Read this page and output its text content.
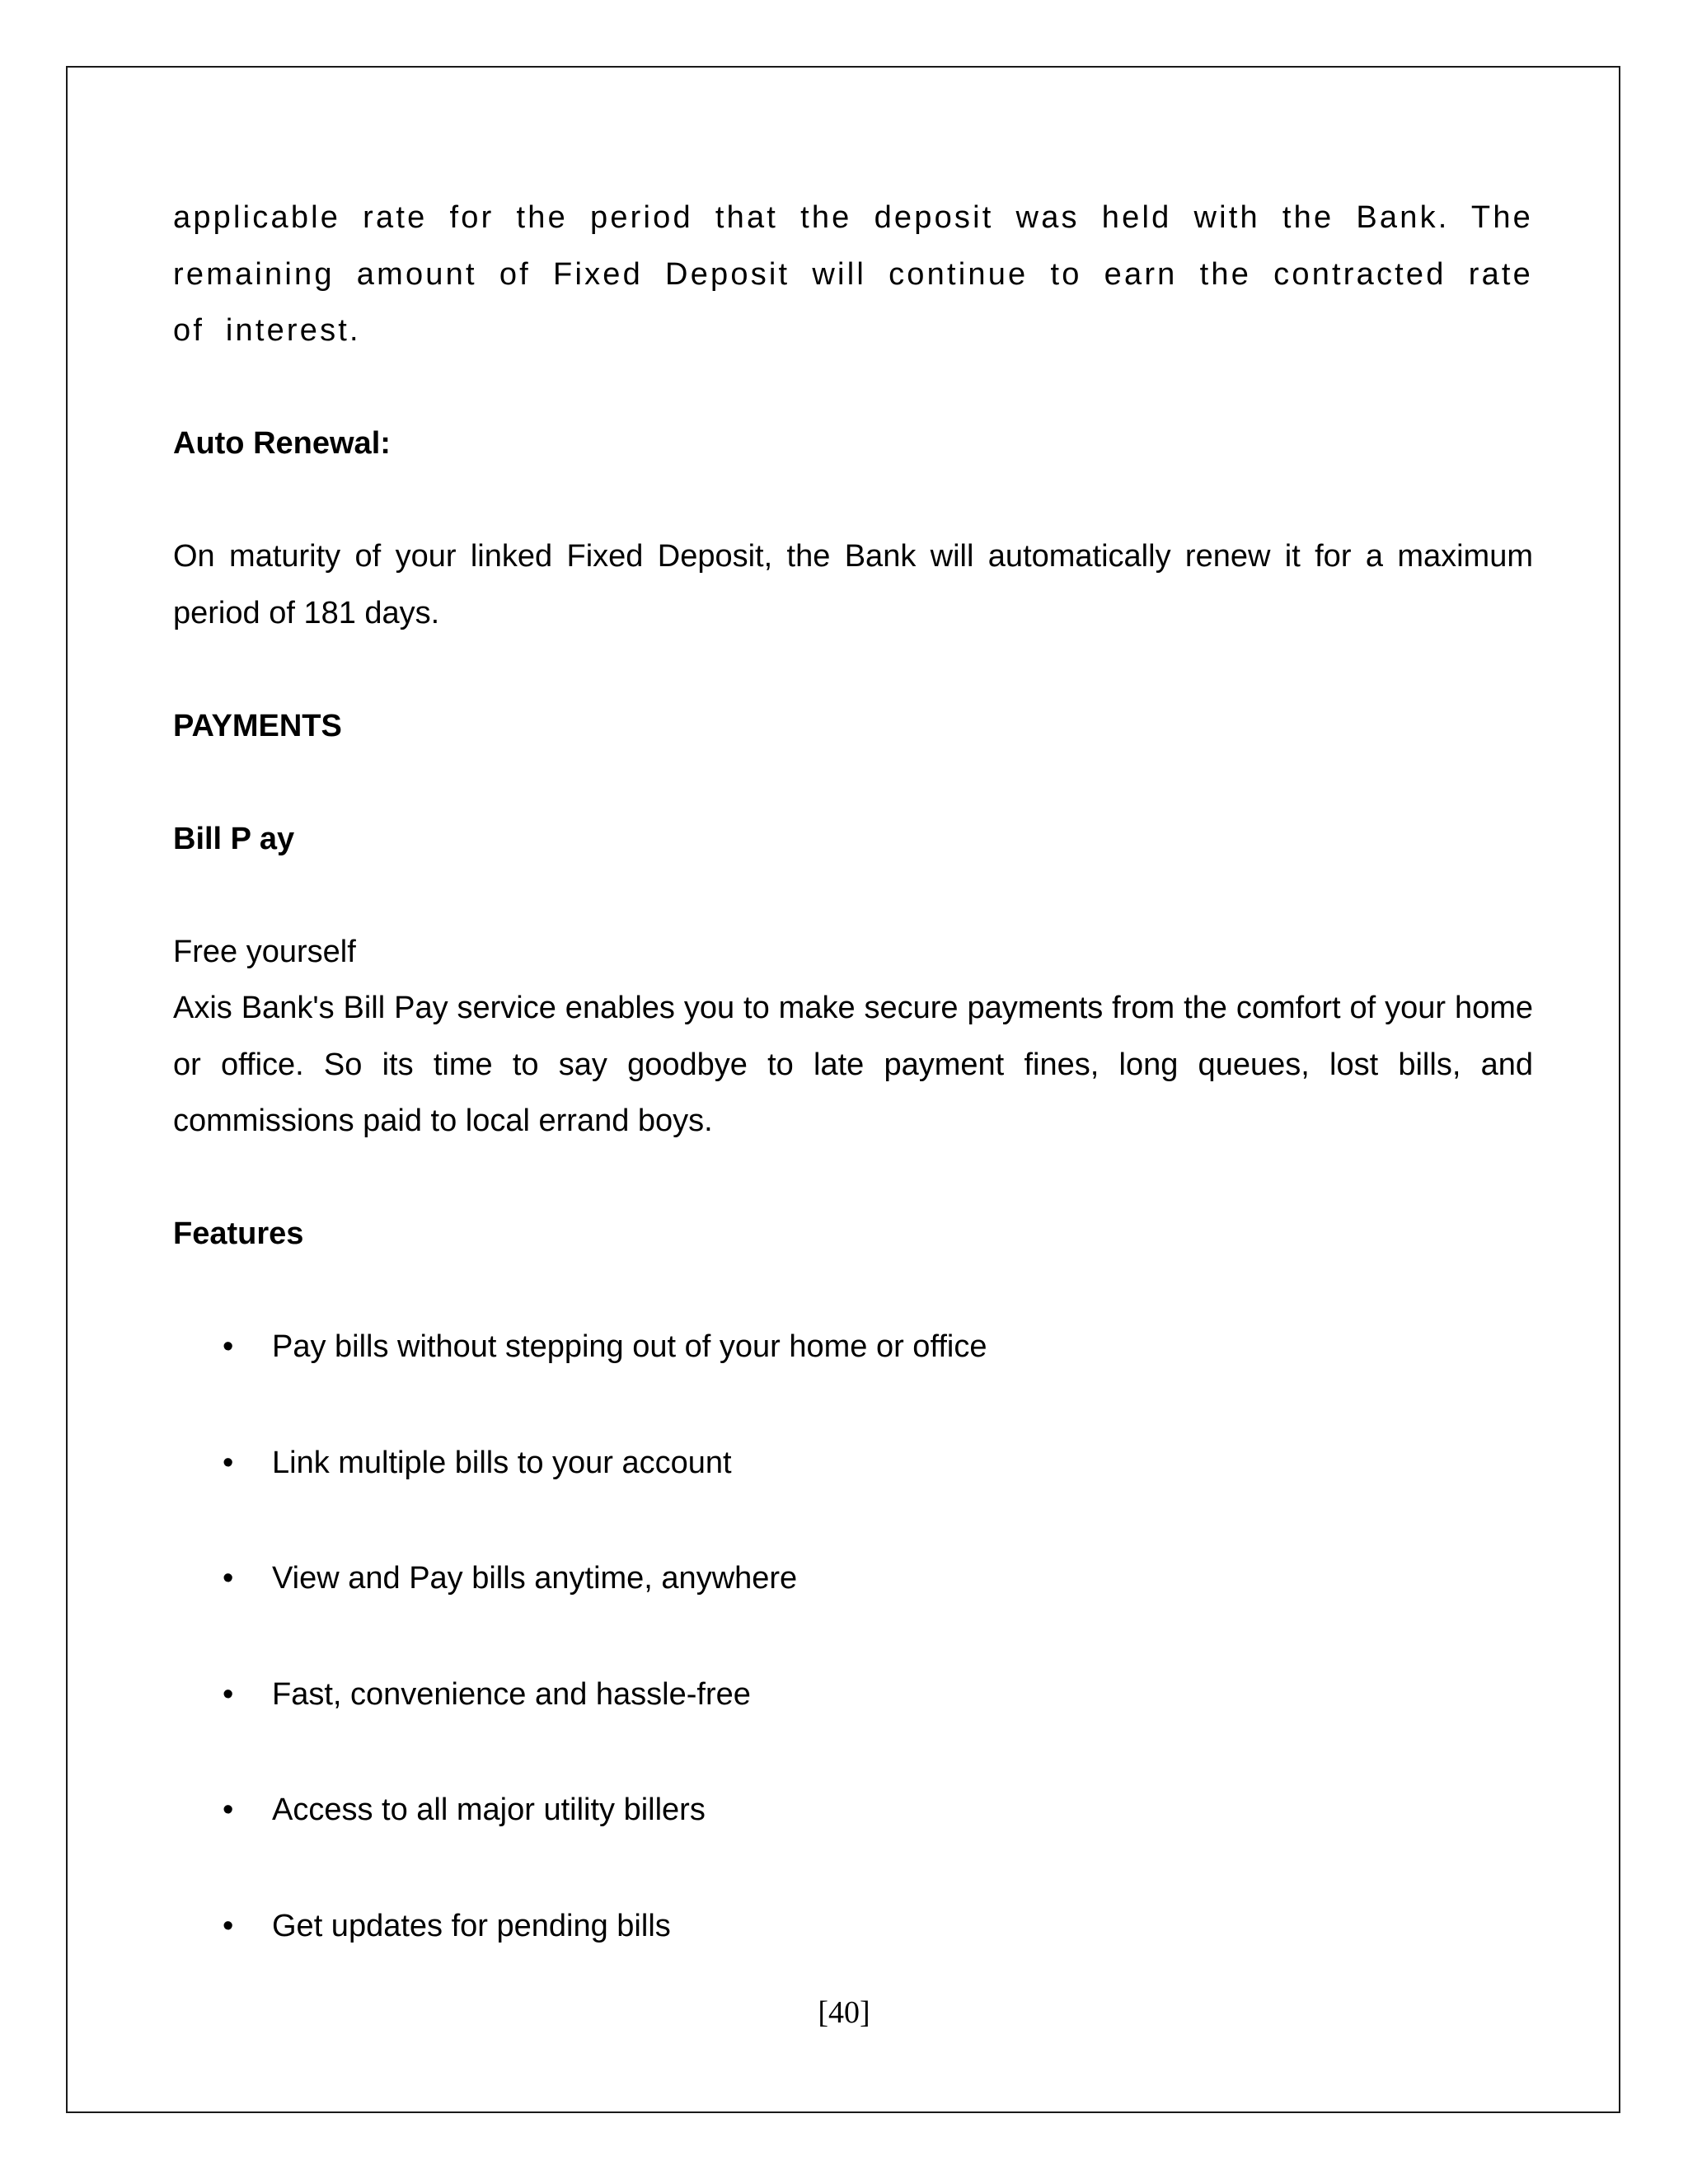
applicable rate for the period that the deposit was held with the Bank. The remaining amount of Fixed Deposit will continue to earn the contracted rate of interest.

Auto Renewal:

On maturity of your linked Fixed Deposit, the Bank will automatically renew it for a maximum period of 181 days.

PAYMENTS

Bill P ay

Free yourself

Axis Bank's Bill Pay service enables you to make secure payments from the comfort of your home or office. So its time to say goodbye to late payment fines, long queues, lost bills, and commissions paid to local errand boys.

Features

• Pay bills without stepping out of your home or office
• Link multiple bills to your account
• View and Pay bills anytime, anywhere
• Fast, convenience and hassle-free
• Access to all major utility billers
• Get updates for pending bills
[40]
